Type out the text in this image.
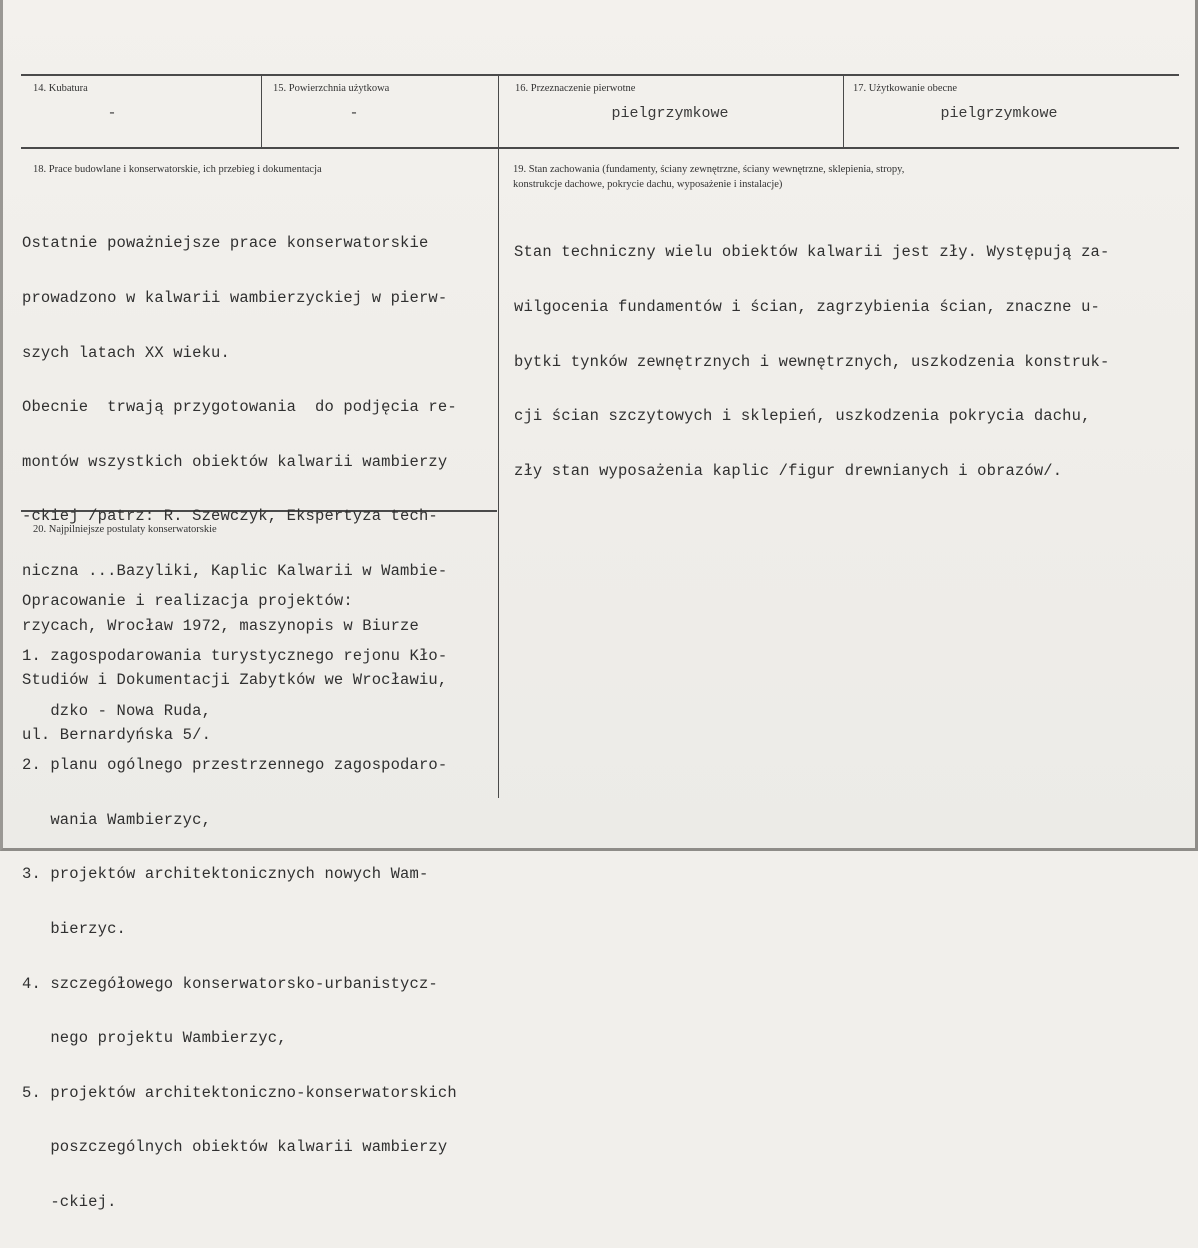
14. Kubatura
-
15. Powierzchnia użytkowa
-
16. Przeznaczenie pierwotne
pielgrzymkowe
17. Użytkowanie obecne
pielgrzymkowe
18. Prace budowlane i konserwatorskie, ich przebieg i dokumentacja

Ostatnie poważniejsze prace konserwatorskie

prowadzono w kalwarii wambierzyckiej w pierw-

szych latach XX wieku.

Obecnie  trwają przygotowania  do podjęcia re-

montów wszystkich obiektów kalwarii wambierzy

-ckiej /patrz: R. Szewczyk, Ekspertyza tech-

niczna ...Bazyliki, Kaplic Kalwarii w Wambie-

rzycach, Wrocław 1972, maszynopis w Biurze

Studiów i Dokumentacji Zabytków we Wrocławiu,

ul. Bernardyńska 5/.

19. Stan zachowania (fundamenty, ściany zewnętrzne, ściany wewnętrzne, sklepienia, stropy,
konstrukcje dachowe, pokrycie dachu, wyposażenie i instalacje)

Stan techniczny wielu obiektów kalwarii jest zły. Występują za-

wilgocenia fundamentów i ścian, zagrzybienia ścian, znaczne u-

bytki tynków zewnętrznych i wewnętrznych, uszkodzenia konstruk-

cji ścian szczytowych i sklepień, uszkodzenia pokrycia dachu,

zły stan wyposażenia kaplic /figur drewnianych i obrazów/.

20. Najpilniejsze postulaty konserwatorskie

Opracowanie i realizacja projektów:

1. zagospodarowania turystycznego rejonu Kło-

dzko - Nowa Ruda,

2. planu ogólnego przestrzennego zagospodaro-

wania Wambierzyc,

3. projektów architektonicznych nowych Wam-

bierzyc.

4. szczegółowego konserwatorsko-urbanistycz-

nego projektu Wambierzyc,

5. projektów architektoniczno-konserwatorskich

poszczególnych obiektów kalwarii wambierzy

-ckiej.
